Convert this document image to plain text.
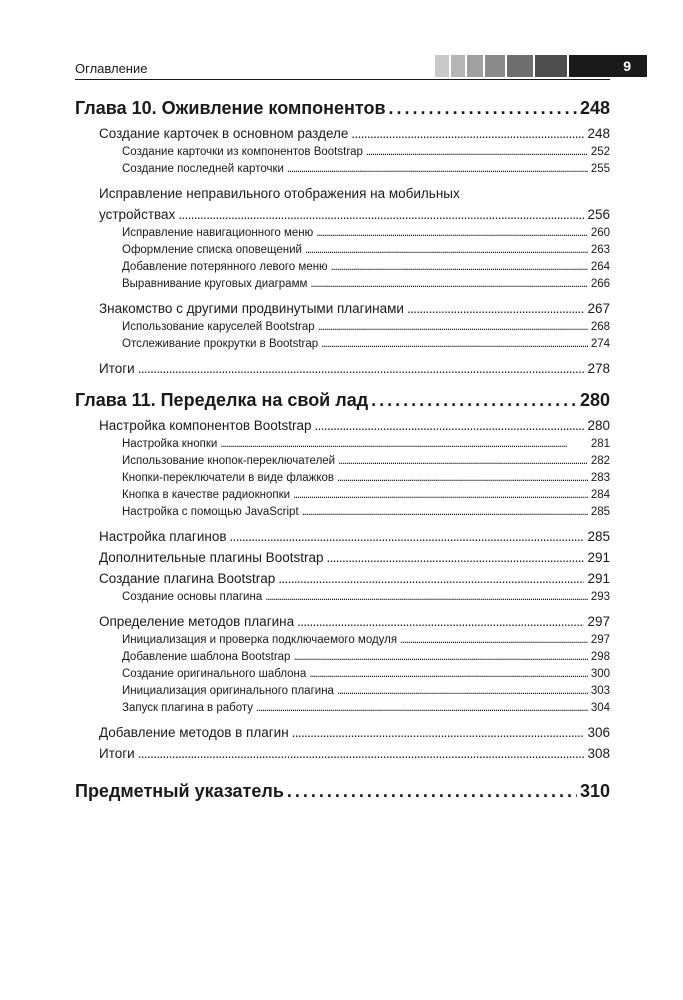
Оглавление	9
Глава 10. Оживление компонентов . . .	248
Создание карточек в основном разделе . . .	248
Создание карточки из компонентов Bootstrap . . .	252
Создание последней карточки . . .	255
Исправление неправильного отображения на мобильных
устройствах . . .	256
Исправление навигационного меню . . .	260
Оформление списка оповещений . . .	263
Добавление потерянного левого меню . . .	264
Выравнивание круговых диаграмм . . .	266
Знакомство с другими продвинутыми плагинами . . .	267
Использование каруселей Bootstrap . . .	268
Отслеживание прокрутки в Bootstrap . . .	274
Итоги . . .	278
Глава 11. Переделка на свой лад . . .	280
Настройка компонентов Bootstrap . . .	280
Настройка кнопки . . .	281
Использование кнопок-переключателей . . .	282
Кнопки-переключатели в виде флажков . . .	283
Кнопка в качестве радиокнопки . . .	284
Настройка с помощью JavaScript . . .	285
Настройка плагинов . . .	285
Дополнительные плагины Bootstrap . . .	291
Создание плагина Bootstrap . . .	291
Создание основы плагина . . .	293
Определение методов плагина . . .	297
Инициализация и проверка подключаемого модуля . . .	297
Добавление шаблона Bootstrap . . .	298
Создание оригинального шаблона . . .	300
Инициализация оригинального плагина . . .	303
Запуск плагина в работу . . .	304
Добавление методов в плагин . . .	306
Итоги . . .	308
Предметный указатель . . .	310
